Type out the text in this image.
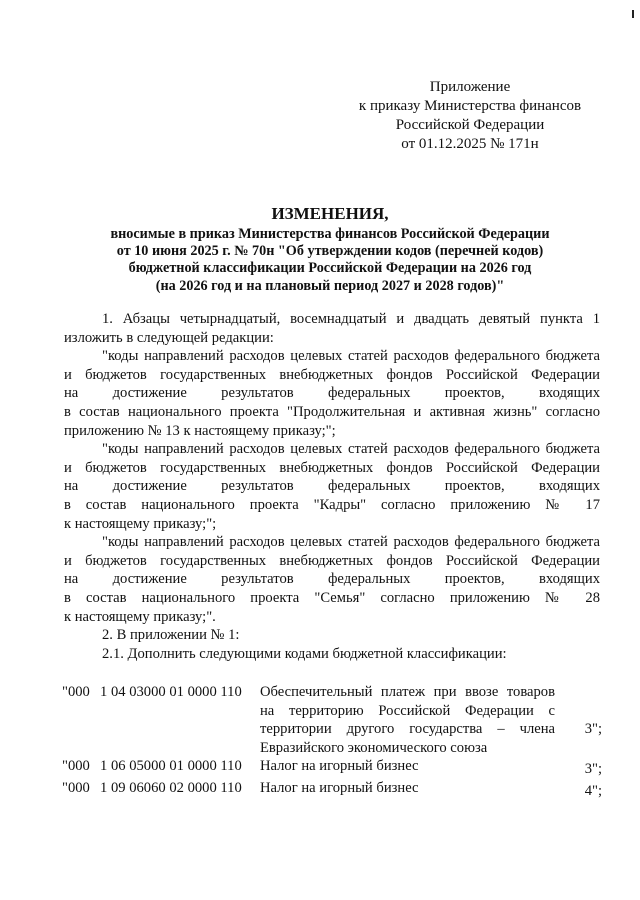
Приложение
к приказу Министерства финансов
Российской Федерации
от 01.12.2025 № 171н
ИЗМЕНЕНИЯ,
вносимые в приказ Министерства финансов Российской Федерации
от 10 июня 2025 г. № 70н "Об утверждении кодов (перечней кодов)
бюджетной классификации Российской Федерации на 2026 год
(на 2026 год и на плановый период 2027 и 2028 годов)"
1. Абзацы четырнадцатый, восемнадцатый и двадцать девятый пункта 1
изложить в следующей редакции:
"коды направлений расходов целевых статей расходов федерального бюджета
и бюджетов государственных внебюджетных фондов Российской Федерации
на достижение результатов федеральных проектов, входящих
в состав национального проекта "Продолжительная и активная жизнь" согласно
приложению № 13 к настоящему приказу;";
"коды направлений расходов целевых статей расходов федерального бюджета
и бюджетов государственных внебюджетных фондов Российской Федерации
на достижение результатов федеральных проектов, входящих
в состав национального проекта "Кадры" согласно приложению № 17
к настоящему приказу;";
"коды направлений расходов целевых статей расходов федерального бюджета
и бюджетов государственных внебюджетных фондов Российской Федерации
на достижение результатов федеральных проектов, входящих
в состав национального проекта "Семья" согласно приложению № 28
к настоящему приказу;".
2. В приложении № 1:
2.1. Дополнить следующими кодами бюджетной классификации:
"000 1 04 03000 01 0000 110	Обеспечительный платеж при ввозе товаров
на территорию Российской Федерации с
территории другого государства – члена
Евразийского экономического союза
3";
"000 1 06 05000 01 0000 110	Налог на игорный бизнес	3";
"000 1 09 06060 02 0000 110	Налог на игорный бизнес	4";
